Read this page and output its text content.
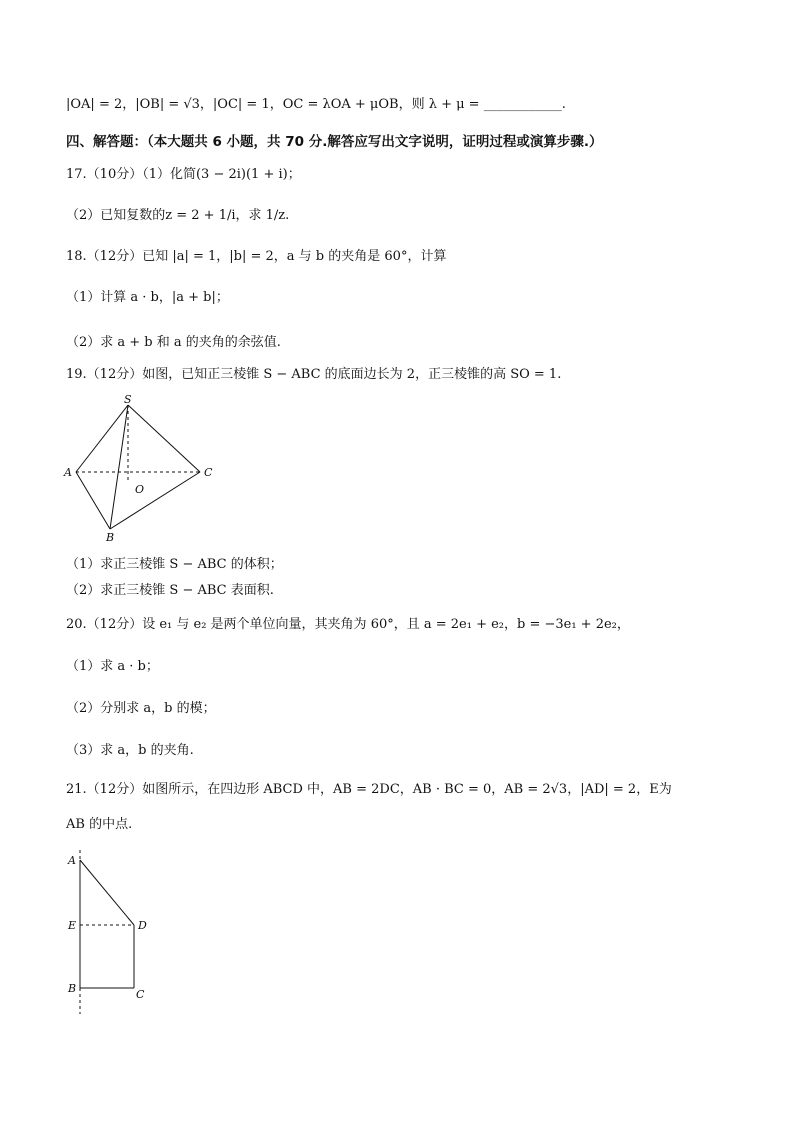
|OA| = 2，|OB| = √3，|OC| = 1，OC = λOA + μOB，则 λ + μ = ____________.
四、解答题：（本大题共 6 小题，共 70 分.解答应写出文字说明，证明过程或演算步骤.）
17.（10分）（1）化简(3 − 2i)(1 + i)；
（2）已知复数的z = 2 + 1/i，求 1/z.
18.（12分）已知 |a| = 1，|b| = 2，a 与 b 的夹角是 60°，计算
（1）计算 a · b，|a + b|；
（2）求 a + b 和 a 的夹角的余弦值.
19.（12分）如图，已知正三棱锥 S − ABC 的底面边长为 2，正三棱锥的高 SO = 1.
S
A	C
B
O
（1）求正三棱锥 S − ABC 的体积；
（2）求正三棱锥 S − ABC 表面积.
20.（12分）设 e₁ 与 e₂ 是两个单位向量，其夹角为 60°，且 a = 2e₁ + e₂，b = −3e₁ + 2e₂，
（1）求 a · b；
（2）分别求 a，b 的模；
（3）求 a，b 的夹角.
21.（12分）如图所示，在四边形 ABCD 中，AB = 2DC，AB · BC = 0，AB = 2√3，|AD| = 2，E为
AB 的中点.
A
E
B
D
C
